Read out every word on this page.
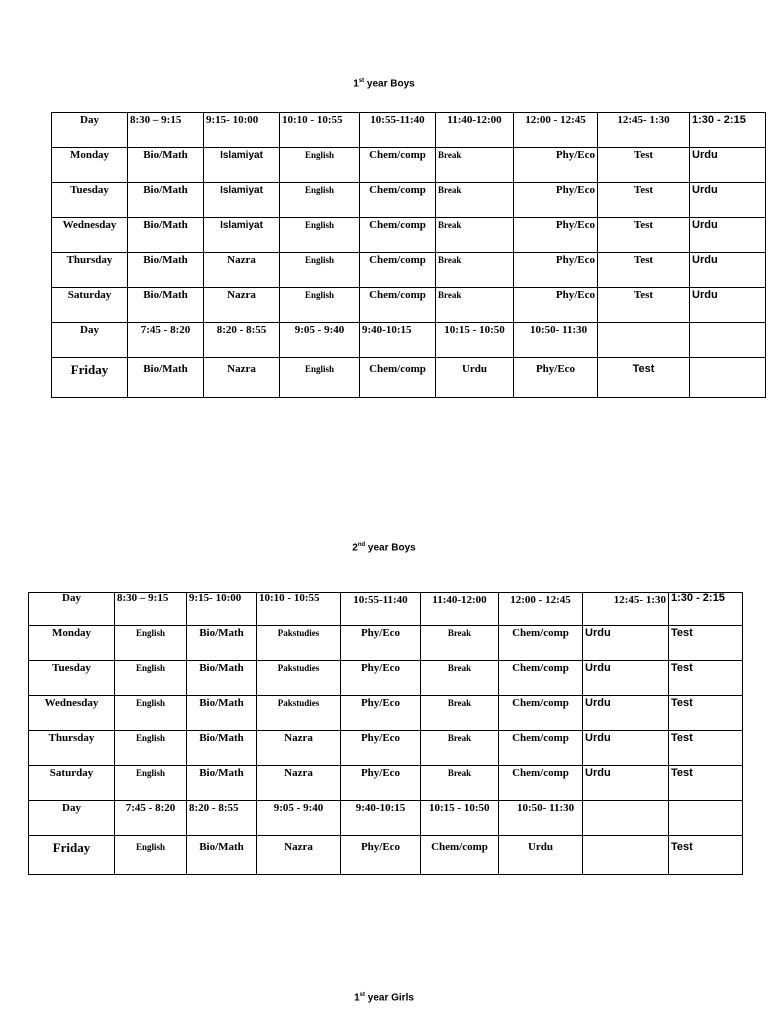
1st year Boys
Day	8:30 – 9:15	9:15- 10:00	10:10 - 10:55	10:55-11:40	11:40-12:00	12:00 - 12:45	12:45- 1:30	1:30 - 2:15
Monday	Bio/Math	Islamiyat	English	Chem/comp	Break	Phy/Eco	Test	Urdu
Tuesday	Bio/Math	Islamiyat	English	Chem/comp	Break	Phy/Eco	Test	Urdu
Wednesday	Bio/Math	Islamiyat	English	Chem/comp	Break	Phy/Eco	Test	Urdu
Thursday	Bio/Math	Nazra	English	Chem/comp	Break	Phy/Eco	Test	Urdu
Saturday	Bio/Math	Nazra	English	Chem/comp	Break	Phy/Eco	Test	Urdu
Day	7:45 - 8:20	8:20 - 8:55	9:05 - 9:40	9:40-10:15	10:15 - 10:50	10:50- 11:30		
Friday	Bio/Math	Nazra	English	Chem/comp	Urdu	Phy/Eco	Test	
2nd year Boys
Day	8:30 – 9:15	9:15- 10:00	10:10 - 10:55	10:55-11:40	11:40-12:00	12:00 - 12:45	12:45- 1:30	1:30 - 2:15
Monday	English	Bio/Math	Pakstudies	Phy/Eco	Break	Chem/comp	Urdu	Test
Tuesday	English	Bio/Math	Pakstudies	Phy/Eco	Break	Chem/comp	Urdu	Test
Wednesday	English	Bio/Math	Pakstudies	Phy/Eco	Break	Chem/comp	Urdu	Test
Thursday	English	Bio/Math	Nazra	Phy/Eco	Break	Chem/comp	Urdu	Test
Saturday	English	Bio/Math	Nazra	Phy/Eco	Break	Chem/comp	Urdu	Test
Day	7:45 - 8:20	8:20 - 8:55	9:05 - 9:40	9:40-10:15	10:15 - 10:50	10:50- 11:30		
Friday	English	Bio/Math	Nazra	Phy/Eco	Chem/comp	Urdu		Test
1st year Girls
